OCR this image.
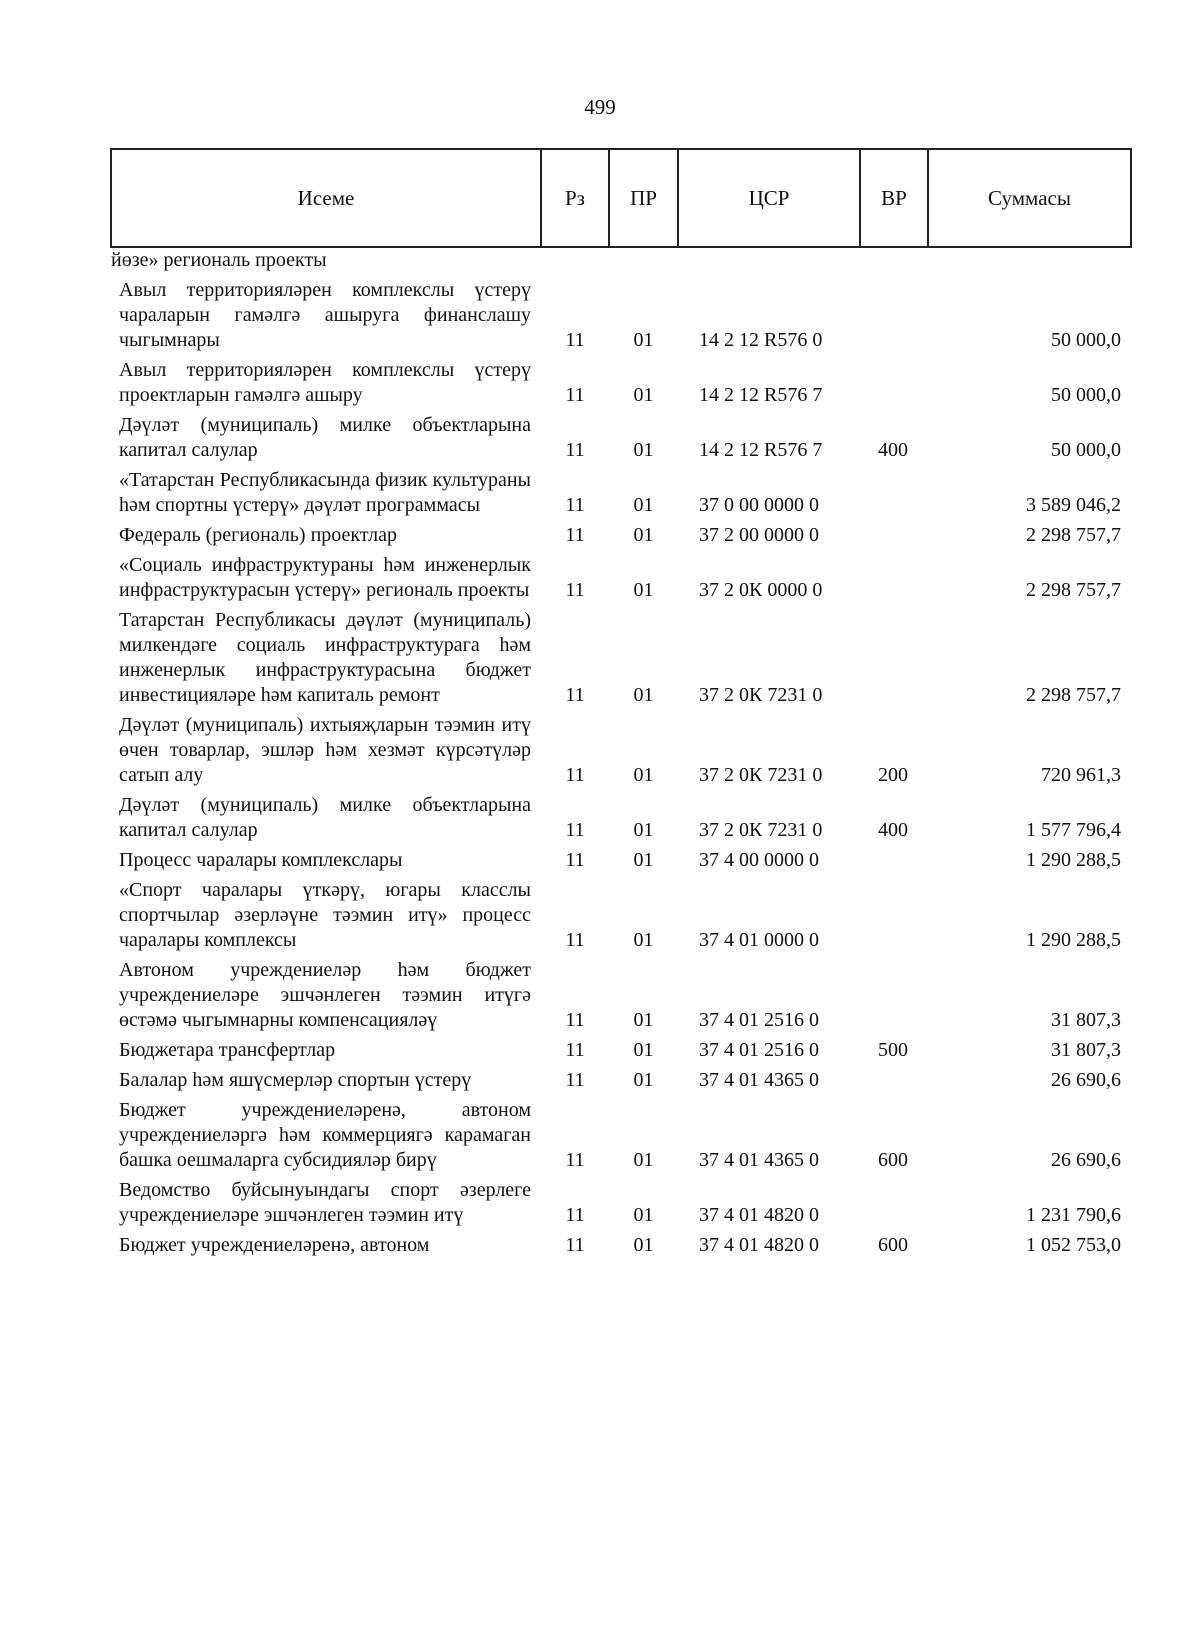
499
Исеме	Рз	ПР	ЦСР	ВР	Суммасы
йөзе» региональ проекты					
Авыл территорияләрен комплекслы үстерү чараларын гамәлгә ашыруга финанслашу чыгымнары	11	01	14 2 12 R576 0		50 000,0
Авыл территорияләрен комплекслы үстерү проектларын гамәлгә ашыру	11	01	14 2 12 R576 7		50 000,0
Дәүләт (муниципаль) милке объектларына капитал салулар	11	01	14 2 12 R576 7	400	50 000,0
«Татарстан Республикасында физик культураны һәм спортны үстерү» дәүләт программасы	11	01	37 0 00 0000 0		3 589 046,2
Федераль (региональ) проектлар	11	01	37 2 00 0000 0		2 298 757,7
«Социаль инфраструктураны һәм инженерлык инфраструктурасын үстерү» региональ проекты	11	01	37 2 0К 0000 0		2 298 757,7
Татарстан Республикасы дәүләт (муниципаль) милкендәге социаль инфраструктурага һәм инженерлык инфраструктурасына бюджет инвестицияләре һәм капиталь ремонт	11	01	37 2 0К 7231 0		2 298 757,7
Дәүләт (муниципаль) ихтыяҗларын тәэмин итү өчен товарлар, эшләр һәм хезмәт күрсәтүләр сатып алу	11	01	37 2 0К 7231 0	200	720 961,3
Дәүләт (муниципаль) милке объектларына капитал салулар	11	01	37 2 0К 7231 0	400	1 577 796,4
Процесс чаралары комплекслары	11	01	37 4 00 0000 0		1 290 288,5
«Спорт чаралары үткәрү, югары класслы спортчылар әзерләүне тәэмин итү» процесс чаралары комплексы	11	01	37 4 01 0000 0		1 290 288,5
Автоном учреждениеләр һәм бюджет учреждениеләре эшчәнлеген тәэмин итүгә өстәмә чыгымнарны компенсацияләү	11	01	37 4 01 2516 0		31 807,3
Бюджетара трансфертлар	11	01	37 4 01 2516 0	500	31 807,3
Балалар һәм яшүсмерләр спортын үстерү	11	01	37 4 01 4365 0		26 690,6
Бюджет учреждениеләренә, автоном учреждениеләргә һәм коммерциягә карамаган башка оешмаларга субсидияләр бирү	11	01	37 4 01 4365 0	600	26 690,6
Ведомство буйсынуындагы спорт әзерлеге учреждениеләре эшчәнлеген тәэмин итү	11	01	37 4 01 4820 0		1 231 790,6
Бюджет учреждениеләренә, автоном	11	01	37 4 01 4820 0	600	1 052 753,0
